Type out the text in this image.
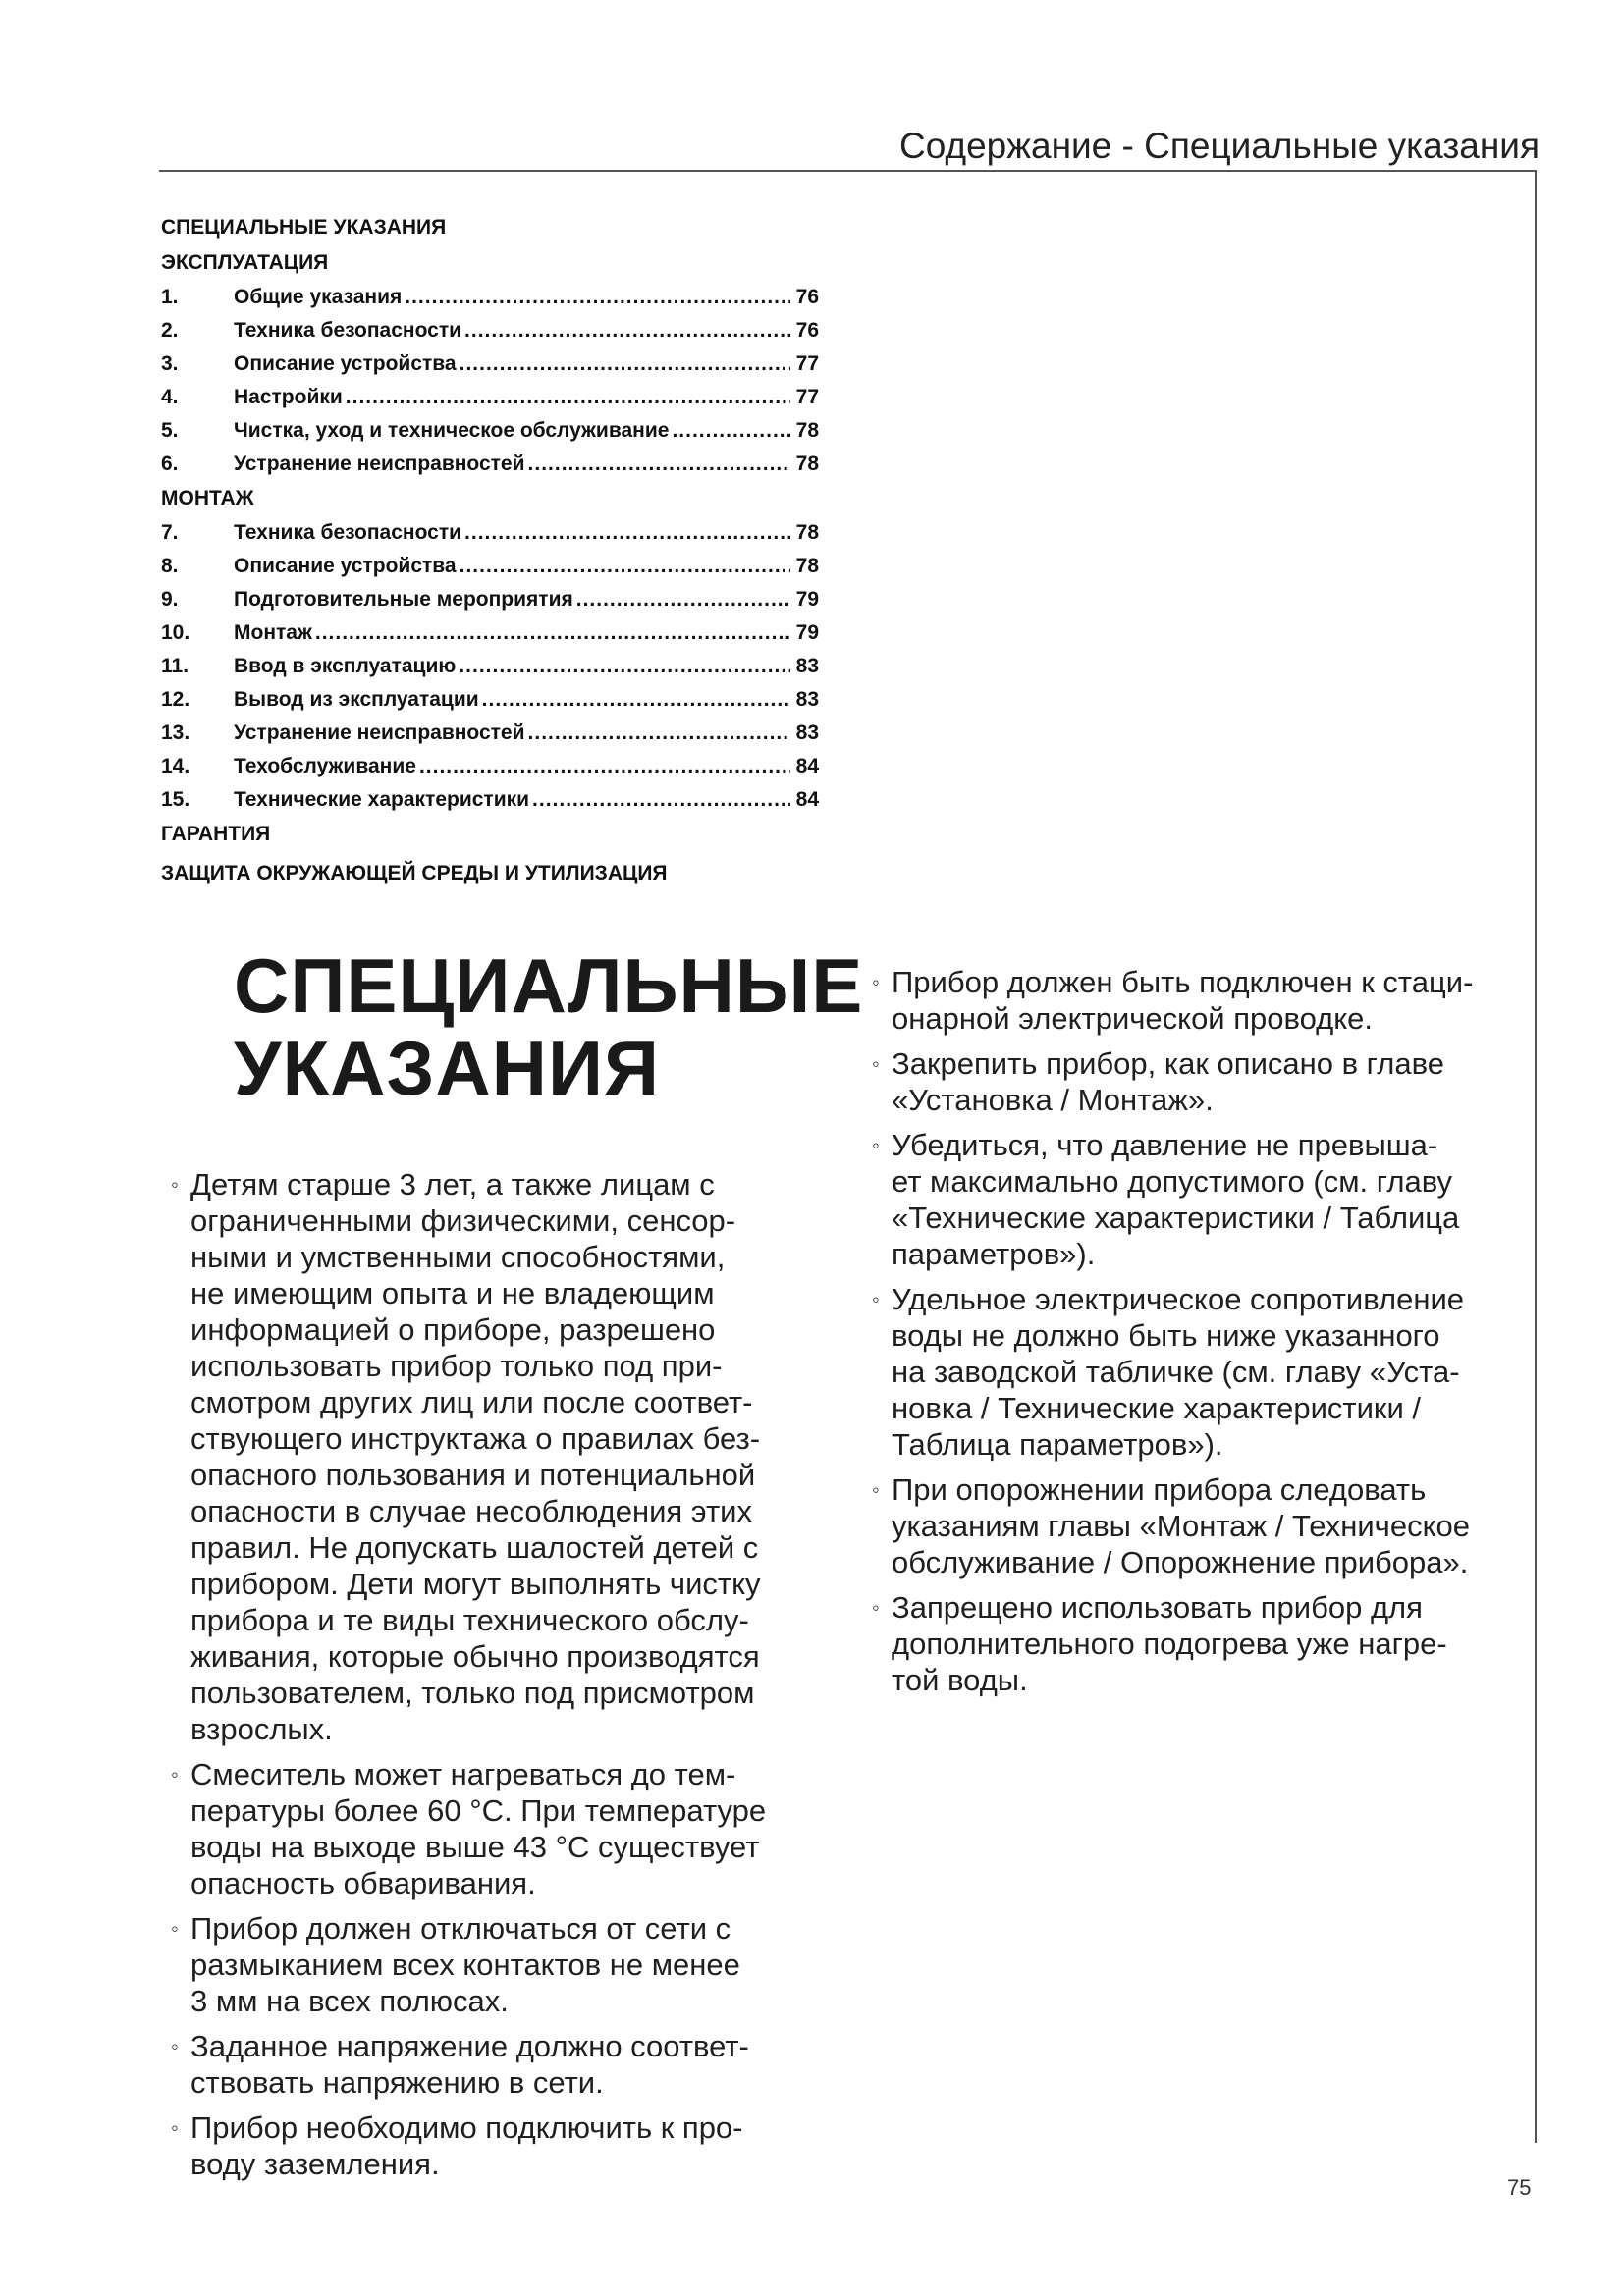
Содержание - Специальные указания
СПЕЦИАЛЬНЫЕ УКАЗАНИЯ
ЭКСПЛУАТАЦИЯ
1.	Общие указания .....	76
2.	Техника безопасности .....	76
3.	Описание устройства .....	77
4.	Настройки .....	77
5.	Чистка, уход и техническое обслуживание .....	78
6.	Устранение неисправностей .....	78
МОНТАЖ
7.	Техника безопасности .....	78
8.	Описание устройства .....	78
9.	Подготовительные мероприятия .....	79
10.	Монтаж .....	79
11.	Ввод в эксплуатацию .....	83
12.	Вывод из эксплуатации .....	83
13.	Устранение неисправностей .....	83
14.	Техобслуживание .....	84
15.	Технические характеристики .....	84
ГАРАНТИЯ
ЗАЩИТА ОКРУЖАЮЩЕЙ СРЕДЫ И УТИЛИЗАЦИЯ
СПЕЦИАЛЬНЫЕ
УКАЗАНИЯ
◦ Детям старше 3 лет, а также лицам с
ограниченными физическими, сенсор-
ными и умственными способностями,
не имеющим опыта и не владеющим
информацией о приборе, разрешено
использовать прибор только под при-
смотром других лиц или после соответ-
ствующего инструктажа о правилах без-
опасного пользования и потенциальной
опасности в случае несоблюдения этих
правил. Не допускать шалостей детей с
прибором. Дети могут выполнять чистку
прибора и те виды технического обслу-
живания, которые обычно производятся
пользователем, только под присмотром
взрослых.
◦ Смеситель может нагреваться до тем-
пературы более 60 °C. При температуре
воды на выходе выше 43 °C существует
опасность обваривания.
◦ Прибор должен отключаться от сети с
размыканием всех контактов не менее
3 мм на всех полюсах.
◦ Заданное напряжение должно соответ-
ствовать напряжению в сети.
◦ Прибор необходимо подключить к про-
воду заземления.
◦ Прибор должен быть подключен к стаци-
онарной электрической проводке.
◦ Закрепить прибор, как описано в главе
«Установка / Монтаж».
◦ Убедиться, что давление не превыша-
ет максимально допустимого (см. главу
«Технические характеристики / Таблица
параметров»).
◦ Удельное электрическое сопротивление
воды не должно быть ниже указанного
на заводской табличке (см. главу «Уста-
новка / Технические характеристики /
Таблица параметров»).
◦ При опорожнении прибора следовать
указаниям главы «Монтаж / Техническое
обслуживание / Опорожнение прибора».
◦ Запрещено использовать прибор для
дополнительного подогрева уже нагре-
той воды.
75
